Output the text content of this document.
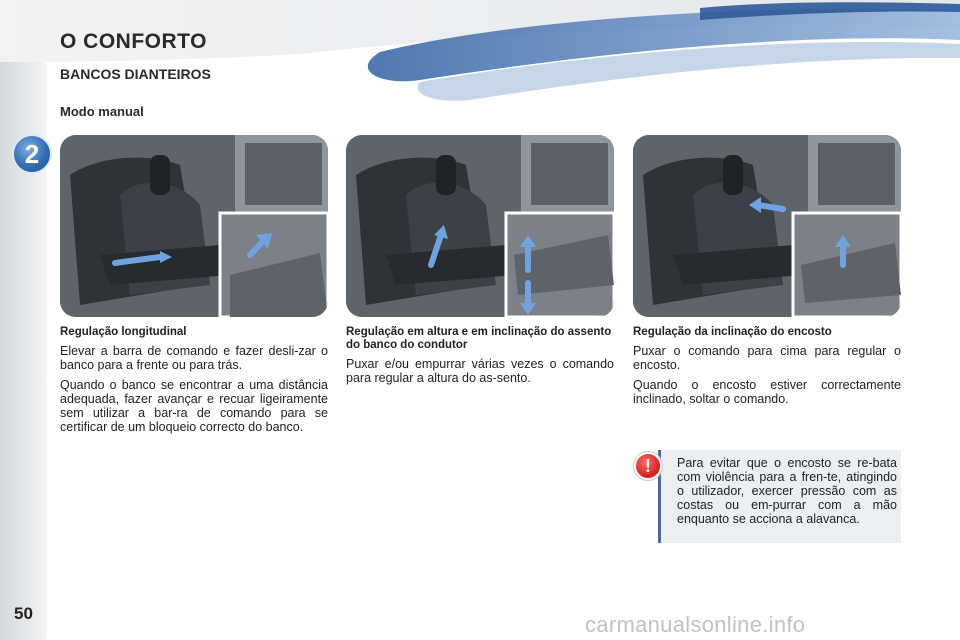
2
50
O CONFORTO
BANCOS DIANTEIROS
Modo manual
Regulação longitudinal

Elevar a barra de comando e fazer desli-zar o banco para a frente ou para trás.

Quando o banco se encontrar a uma distância adequada, fazer avançar e recuar ligeiramente sem utilizar a bar-ra de comando para se certificar de um bloqueio correcto do banco.

Regulação em altura e em inclinação do assento do banco do condutor

Puxar e/ou empurrar várias vezes o comando para regular a altura do as-sento.

Regulação da inclinação do encosto

Puxar o comando para cima para regular o encosto.

Quando o encosto estiver correctamente inclinado, soltar o comando.

Para evitar que o encosto se re-bata com violência para a fren-te, atingindo o utilizador, exercer pressão com as costas ou em-purrar com a mão enquanto se acciona a alavanca.
!
carmanualsonline.info
